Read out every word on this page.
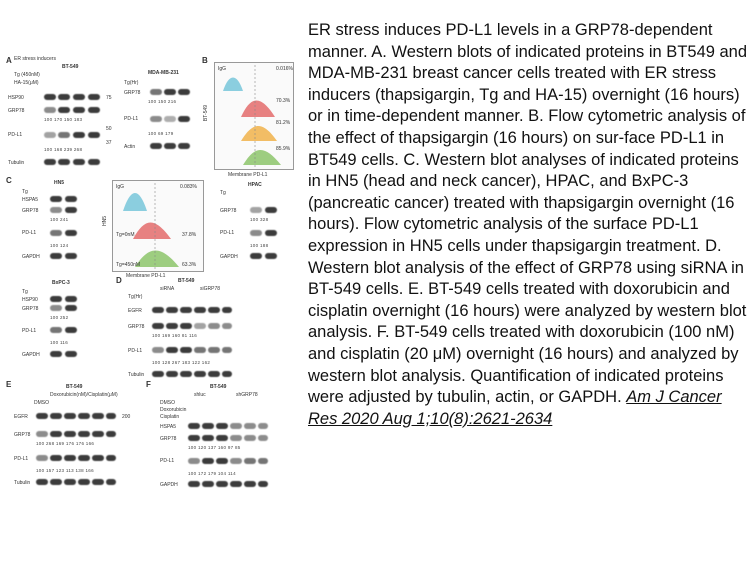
A ER stress inducers
BT-549
Tg (450nM)
HA-15(μM)
HSP90	75
GRP78
100 170 150 183
PD-L1
50
37
100 168 239 268
Tubulin
MDA-MB-231
Tg(Hr)
GRP78
100 150 216
PD-L1
100 69 179
Actin
B
IgG	0.016%
70.3%
81.2%
85.9%
BT-549
Membrane PD-L1
C	HN5
Tg
HSPA5
GRP78
100 241
PD-L1
100 124
GAPDH
IgG	0.083%
Tg=0nM	37.8%
Tg=450nM	63.3%
HN5
Membrane PD-L1
HPAC
Tg
GRP78
100 328
PD-L1
100 188
GAPDH
BxPC-3
Tg
HSP90
GRP78
100 252
PD-L1
100 116
GAPDH
D	BT-549
siRNA	siGRP78
Tg(Hr)
EGFR
GRP78
100 169 160 81 116
PD-L1
100 128 267 183 122 162
Tubulin
E	BT-549
Doxorubicin(nM)/Cisplatin(μM)
DMSO
EGFR	200
GRP78
100 268 169 176 176 166
PD-L1
100 157 123 113 138 166
Tubulin
F	BT-549
shluc	shGRP78
DMSO
Doxorubicin
Cisplatin
HSPA5
GRP78
100 120 137 160 97 85
PD-L1
100 172 179 104 114
GAPDH
ER stress induces PD-L1 levels in a GRP78-dependent manner. A. Western blots of indicated proteins in BT549 and MDA-MB-231 breast cancer cells treated with ER stress inducers (thapsigargin, Tg and HA-15) overnight (16 hours) or in time-dependent manner. B. Flow cytometric analysis of the effect of thapsigargin (16 hours) on sur-face PD-L1 in BT549 cells. C. Western blot analyses of indicated proteins in HN5 (head and neck cancer), HPAC, and BxPC-3 (pancreatic cancer) treated with thapsigargin overnight (16 hours). Flow cytometric analysis of the surface PD-L1 expression in HN5 cells under thapsigargin treatment. D. Western blot analysis of the effect of GRP78 using siRNA in BT-549 cells. E. BT-549 cells treated with doxorubicin and cisplatin overnight (16 hours) were analyzed by western blot analysis. F. BT-549 cells treated with doxorubicin (100 nM) and cisplatin (20 μM) overnight (16 hours) and analyzed by western blot analysis. Quantification of indicated proteins were adjusted by tubulin, actin, or GAPDH. Am J Cancer Res 2020 Aug 1;10(8):2621-2634
